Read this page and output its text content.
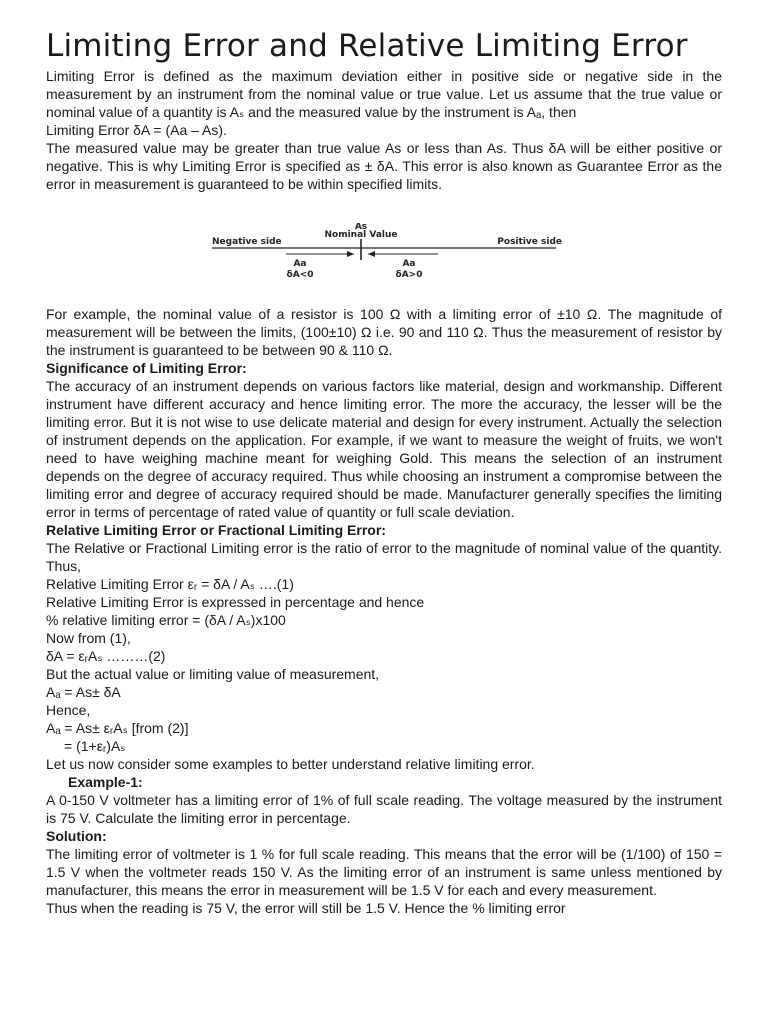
Limiting Error and Relative Limiting Error

Limiting Error is defined as the maximum deviation either in positive side or negative side in the measurement by an instrument from the nominal value or true value. Let us assume that the true value or nominal value of a quantity is Aₛ and the measured value by the instrument is Aₐ, then

Limiting Error δA = (Aa – As).

The measured value may be greater than true value As or less than As. Thus δA will be either positive or negative. This is why Limiting Error is specified as ± δA. This error is also known as Guarantee Error as the error in measurement is guaranteed to be within specified limits.

As
Nominal Value
Negative side	Positive side
Aa
δA<0
Aa
δA>0

For example, the nominal value of a resistor is 100 Ω with a limiting error of ±10 Ω. The magnitude of measurement will be between the limits, (100±10) Ω i.e. 90 and 110 Ω. Thus the measurement of resistor by the instrument is guaranteed to be between 90 & 110 Ω.

Significance of Limiting Error:

The accuracy of an instrument depends on various factors like material, design and workmanship. Different instrument have different accuracy and hence limiting error. The more the accuracy, the lesser will be the limiting error. But it is not wise to use delicate material and design for every instrument. Actually the selection of instrument depends on the application. For example, if we want to measure the weight of fruits, we won't need to have weighing machine meant for weighing Gold. This means the selection of an instrument depends on the degree of accuracy required. Thus while choosing an instrument a compromise between the limiting error and degree of accuracy required should be made. Manufacturer generally specifies the limiting error in terms of percentage of rated value of quantity or full scale deviation.

Relative Limiting Error or Fractional Limiting Error:

The Relative or Fractional Limiting error is the ratio of error to the magnitude of nominal value of the quantity. Thus,

Relative Limiting Error εᵣ = δA / Aₛ ….(1)

Relative Limiting Error is expressed in percentage and hence

% relative limiting error = (δA / Aₛ)x100

Now from (1),

δA = εᵣAₛ ………(2)

But the actual value or limiting value of measurement,

Aₐ = As± δA

Hence,

Aₐ = As± εᵣAₛ [from (2)]

= (1+εᵣ)Aₛ

Let us now consider some examples to better understand relative limiting error.

Example-1:

A 0-150 V voltmeter has a limiting error of 1% of full scale reading. The voltage measured by the instrument is 75 V. Calculate the limiting error in percentage.

Solution:

The limiting error of voltmeter is 1 % for full scale reading. This means that the error will be (1/100) of 150 = 1.5 V when the voltmeter reads 150 V. As the limiting error of an instrument is same unless mentioned by manufacturer, this means the error in measurement will be 1.5 V for each and every measurement.

Thus when the reading is 75 V, the error will still be 1.5 V. Hence the % limiting error
